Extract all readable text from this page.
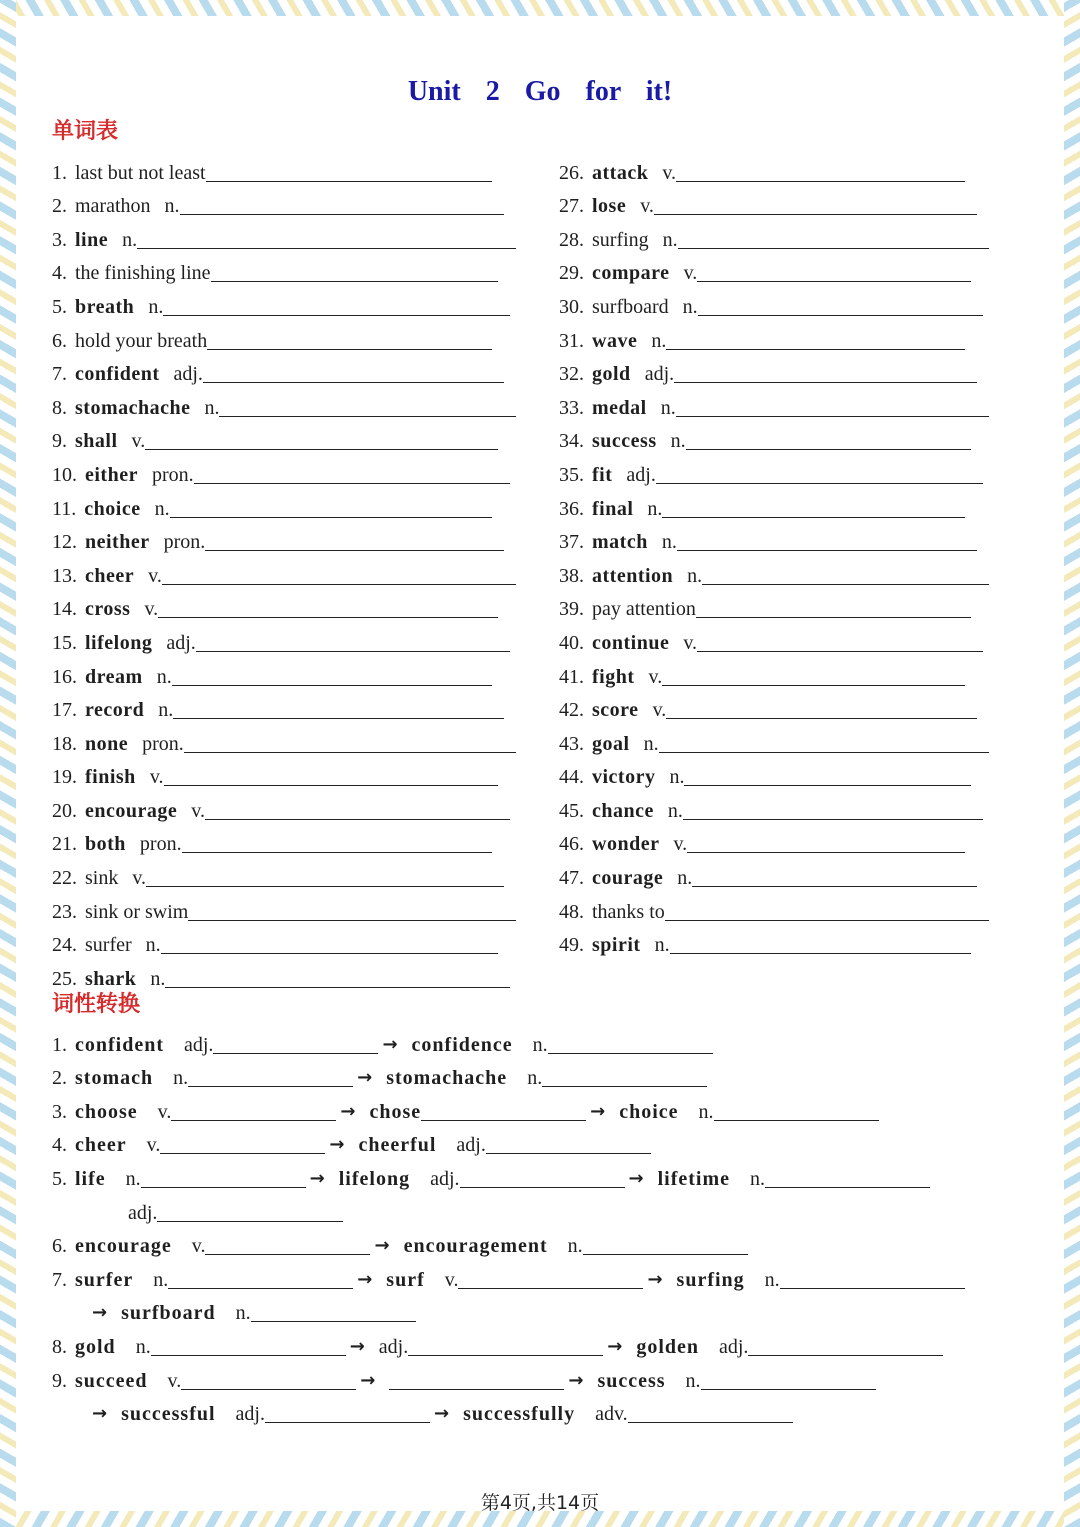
Unit 2 Go for it!
单词表
1. last but not least
2. marathon n.
3. line n.
4. the finishing line
5. breath n.
6. hold your breath
7. confident adj.
8. stomachache n.
9. shall v.
10. either pron.
11. choice n.
12. neither pron.
13. cheer v.
14. cross v.
15. lifelong adj.
16. dream n.
17. record n.
18. none pron.
19. finish v.
20. encourage v.
21. both pron.
22. sink v.
23. sink or swim
24. surfer n.
25. shark n.
26. attack v.
27. lose v.
28. surfing n.
29. compare v.
30. surfboard n.
31. wave n.
32. gold adj.
33. medal n.
34. success n.
35. fit adj.
36. final n.
37. match n.
38. attention n.
39. pay attention
40. continue v.
41. fight v.
42. score v.
43. goal n.
44. victory n.
45. chance n.
46. wonder v.
47. courage n.
48. thanks to
49. spirit n.
词性转换
1. confident adj.	→ confidence n.
2. stomach n.	→ stomachache n.
3. choose v.	→ chose	→ choice n.
4. cheer v.	→ cheerful adj.
5. life n.	→ lifelong adj.	→ lifetime n.
adj.
6. encourage v.	→ encouragement n.
7. surfer n.	→ surf v.	→ surfing n.
→ surfboard n.
8. gold n.	→ adj.	→ golden adj.
9. succeed v.	→	→ success n.
→ successful adj.	→ successfully adv.
第4页,共14页
